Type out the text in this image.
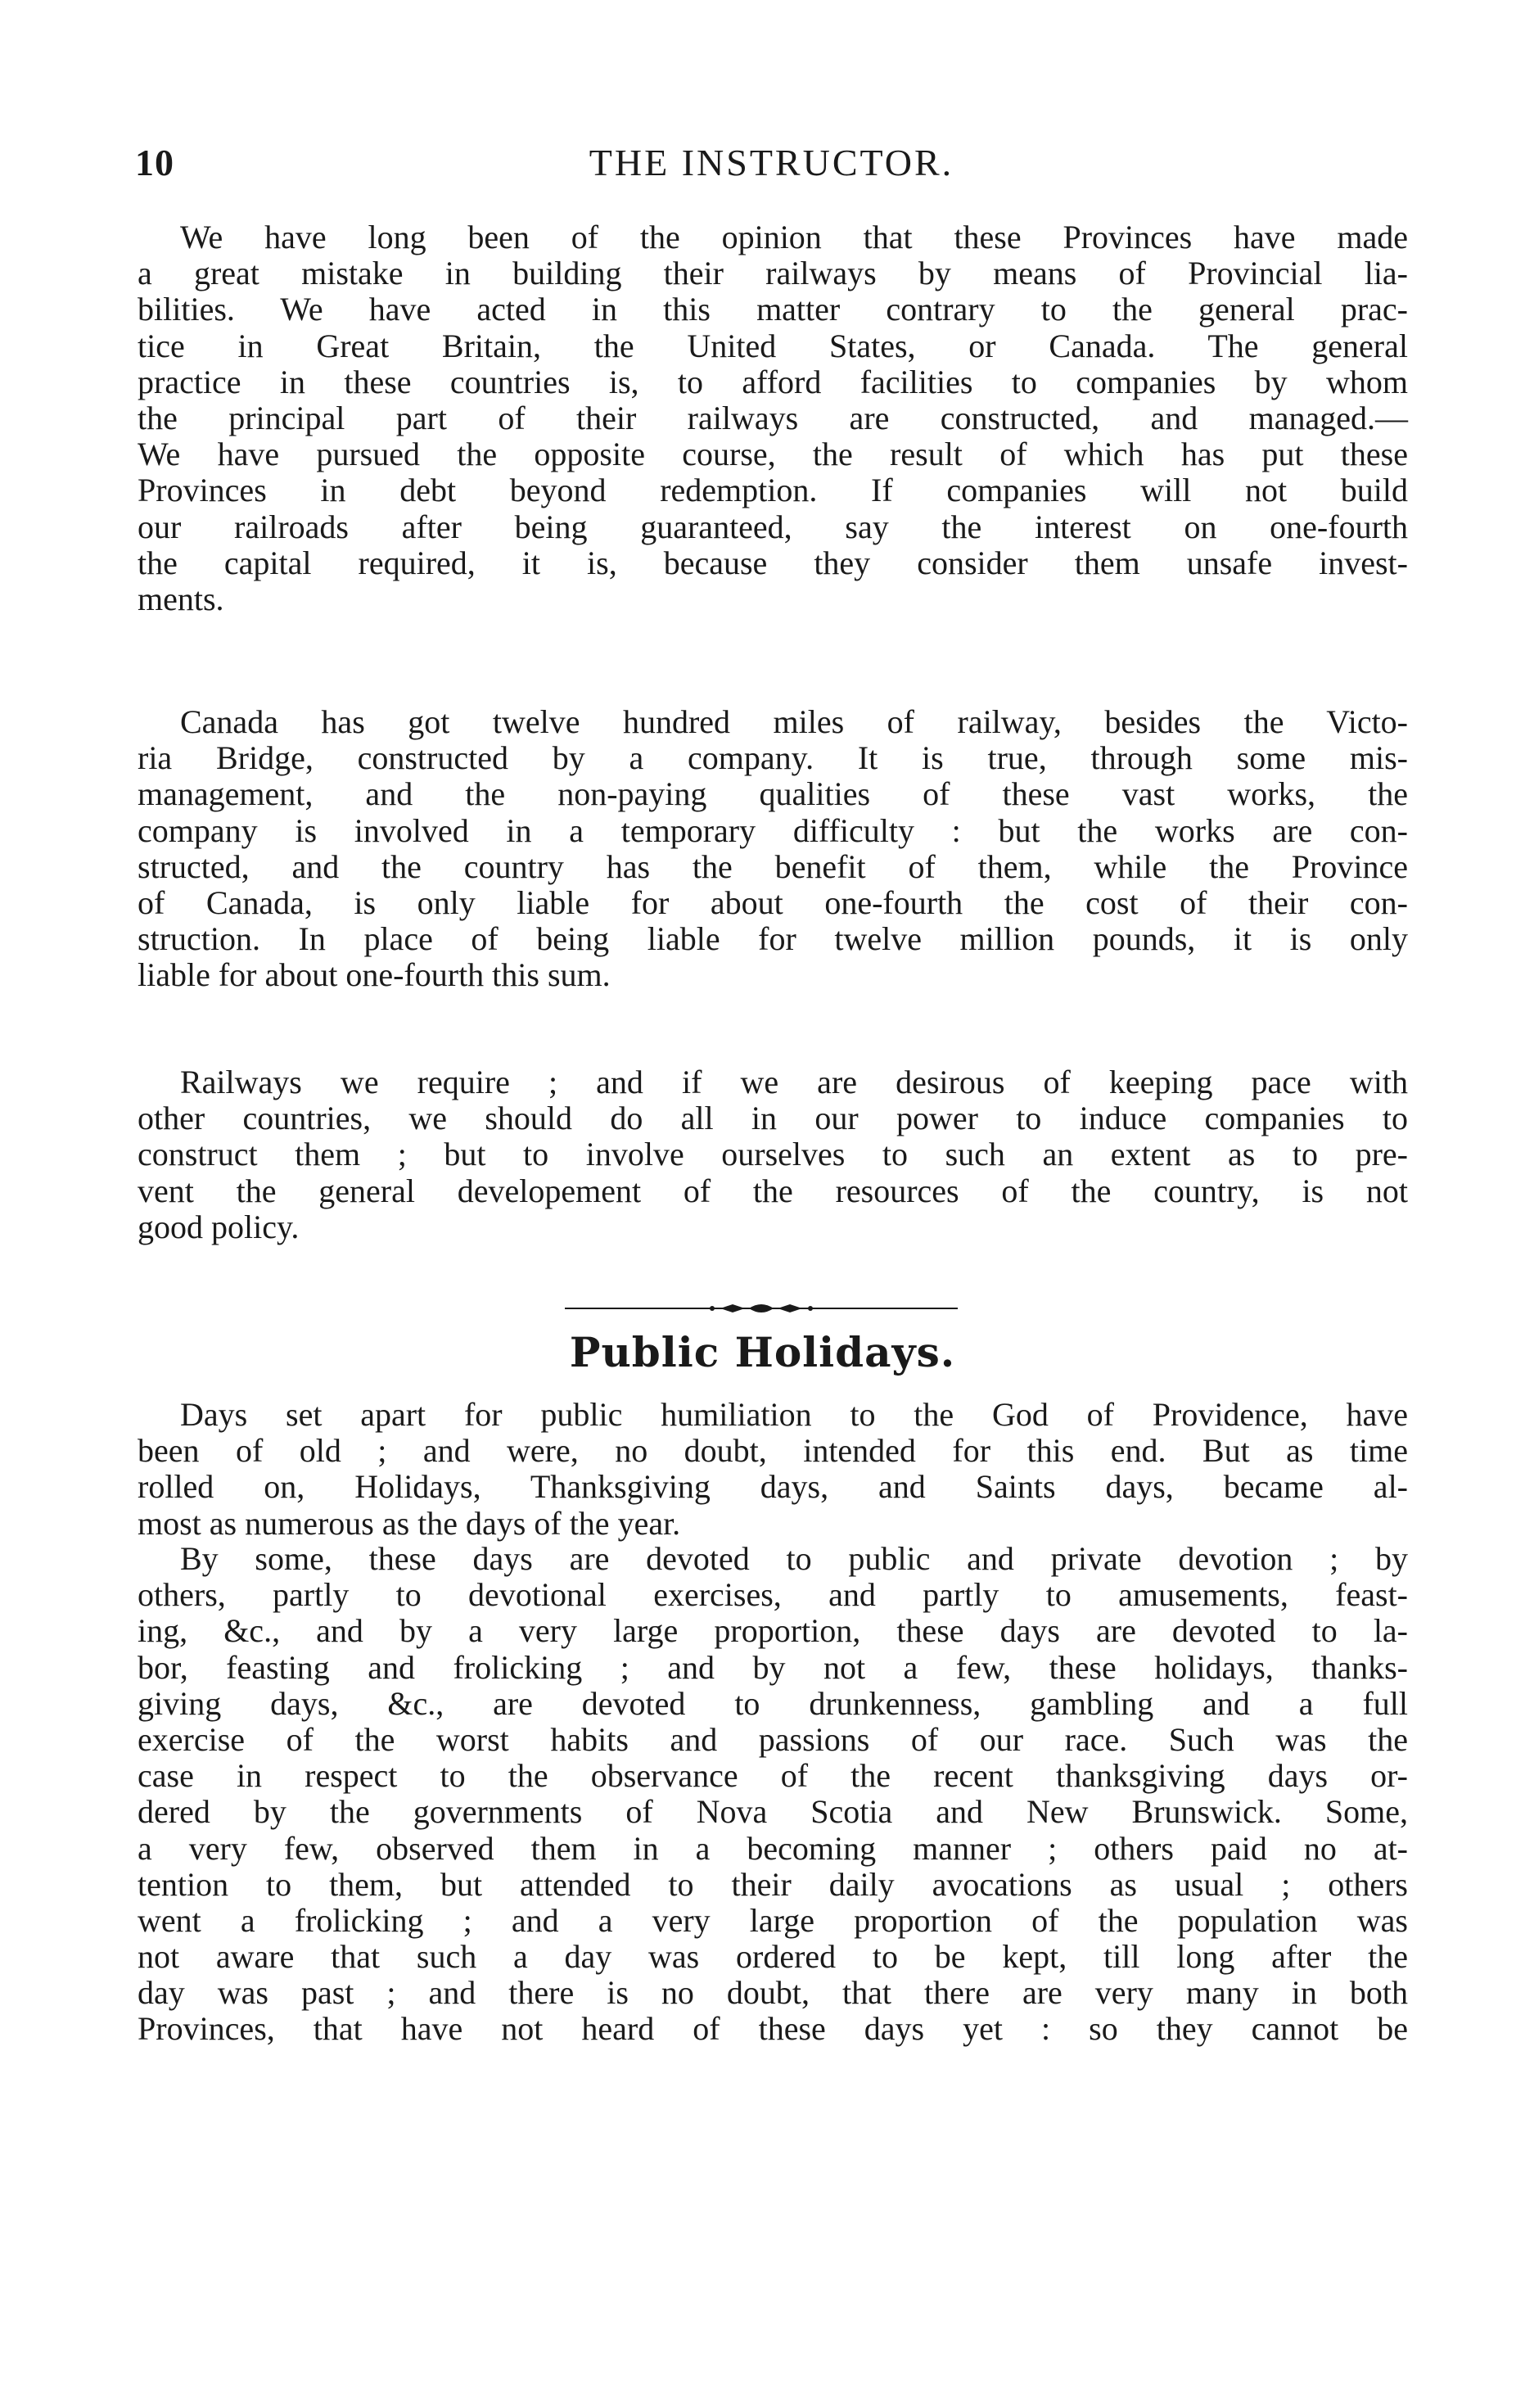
10	THE INSTRUCTOR.
We have long been of the opinion that these Provinces have made
a great mistake in building their railways by means of Provincial lia-
bilities. We have acted in this matter contrary to the general prac-
tice in Great Britain, the United States, or Canada. The general
practice in these countries is, to afford facilities to companies by whom
the principal part of their railways are constructed, and managed.—
We have pursued the opposite course, the result of which has put these
Provinces in debt beyond redemption. If companies will not build
our railroads after being guaranteed, say the interest on one-fourth
the capital required, it is, because they consider them unsafe invest-
ments.
Canada has got twelve hundred miles of railway, besides the Victo-
ria Bridge, constructed by a company. It is true, through some mis-
management, and the non-paying qualities of these vast works, the
company is involved in a temporary difficulty : but the works are con-
structed, and the country has the benefit of them, while the Province
of Canada, is only liable for about one-fourth the cost of their con-
struction. In place of being liable for twelve million pounds, it is only
liable for about one-fourth this sum.
Railways we require ; and if we are desirous of keeping pace with
other countries, we should do all in our power to induce companies to
construct them ; but to involve ourselves to such an extent as to pre-
vent the general developement of the resources of the country, is not
good policy.
Public Holidays.
Days set apart for public humiliation to the God of Providence, have
been of old ; and were, no doubt, intended for this end. But as time
rolled on, Holidays, Thanksgiving days, and Saints days, became al-
most as numerous as the days of the year.
By some, these days are devoted to public and private devotion ; by
others, partly to devotional exercises, and partly to amusements, feast-
ing, &c., and by a very large proportion, these days are devoted to la-
bor, feasting and frolicking ; and by not a few, these holidays, thanks-
giving days, &c., are devoted to drunkenness, gambling and a full
exercise of the worst habits and passions of our race. Such was the
case in respect to the observance of the recent thanksgiving days or-
dered by the governments of Nova Scotia and New Brunswick. Some,
a very few, observed them in a becoming manner ; others paid no at-
tention to them, but attended to their daily avocations as usual ; others
went a frolicking ; and a very large proportion of the population was
not aware that such a day was ordered to be kept, till long after the
day was past ; and there is no doubt, that there are very many in both
Provinces, that have not heard of these days yet : so they cannot be
